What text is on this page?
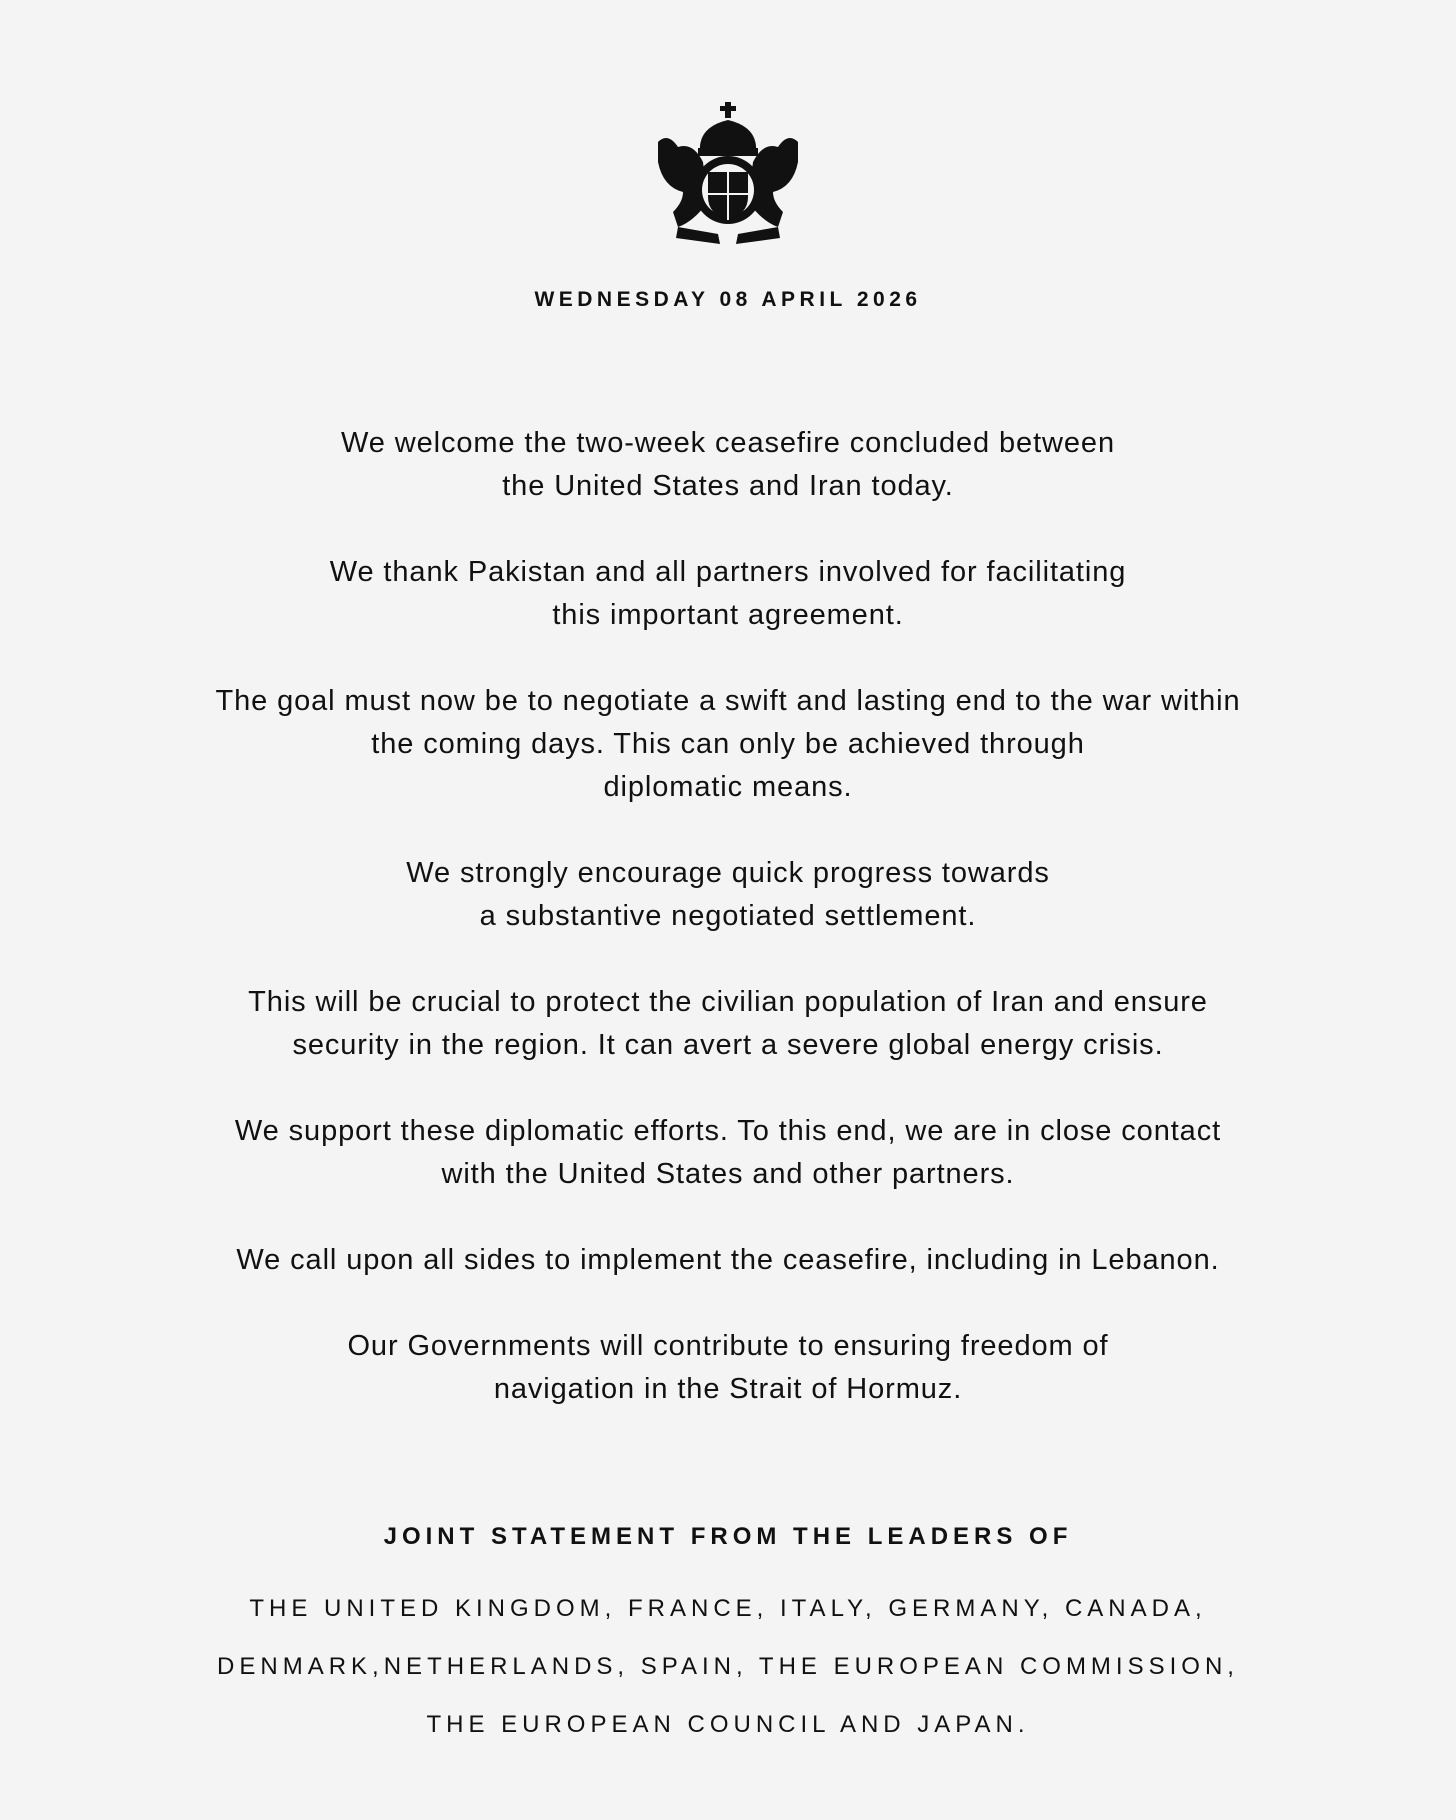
WEDNESDAY 08 APRIL 2026

We welcome the two-week ceasefire concluded between
the United States and Iran today.

We thank Pakistan and all partners involved for facilitating
this important agreement.

The goal must now be to negotiate a swift and lasting end to the war within
the coming days. This can only be achieved through
diplomatic means.

We strongly encourage quick progress towards
a substantive negotiated settlement.

This will be crucial to protect the civilian population of Iran and ensure
security in the region. It can avert a severe global energy crisis.

We support these diplomatic efforts. To this end, we are in close contact
with the United States and other partners.

We call upon all sides to implement the ceasefire, including in Lebanon.

Our Governments will contribute to ensuring freedom of
navigation in the Strait of Hormuz.

JOINT STATEMENT FROM THE LEADERS OF
THE UNITED KINGDOM, FRANCE, ITALY, GERMANY, CANADA,
DENMARK,NETHERLANDS, SPAIN, THE EUROPEAN COMMISSION,
THE EUROPEAN COUNCIL AND JAPAN.
